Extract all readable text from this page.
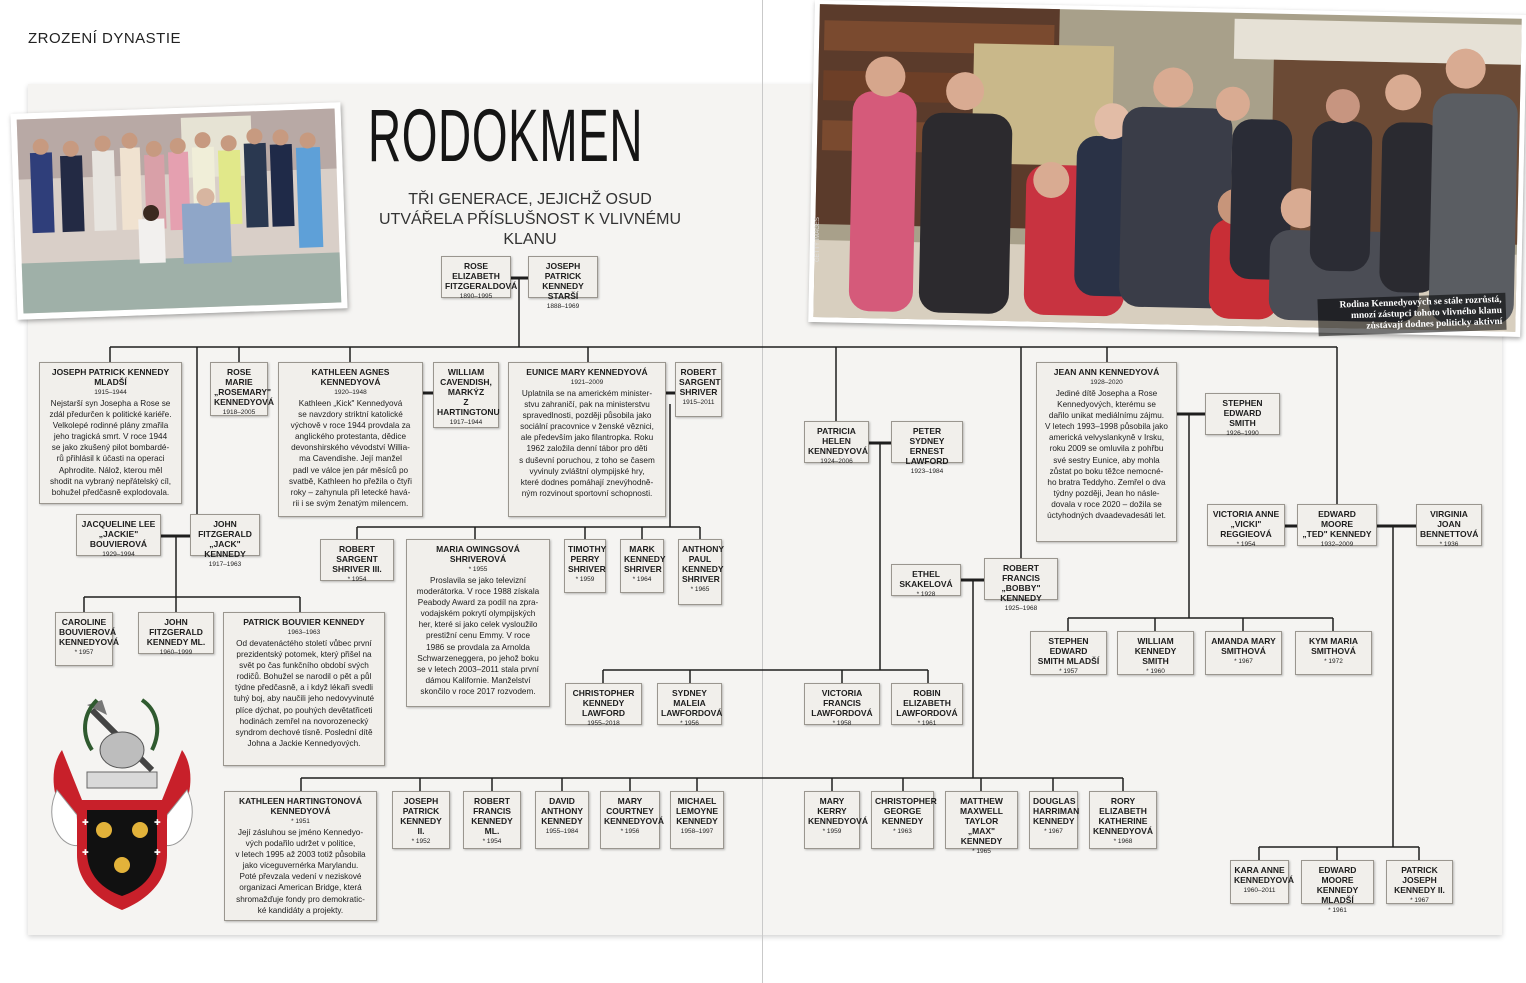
ZROZENÍ DYNASTIE
RODOKMEN
TŘI GENERACE, JEJICHŽ OSUD UTVÁŘELA PŘÍSLUŠNOST K VLIVNÉMU KLANU	GETTY IMAGES
Rodina Kennedyových se stále rozrůstá, mnozí zástupci tohoto vlivného klanu zůstávají dodnes politicky aktivní
✚	✚
✚	✚
ROSE ELIZABETH
FITZGERALDOVÁ
1890–1995
JOSEPH PATRICK
KENNEDY STARŠÍ
1888–1969
JOSEPH PATRICK KENNEDY MLADŠÍ
1915–1944
Nejstarší syn Josepha a Rose se
zdál předurčen k politické kariéře.
Velkolepé rodinné plány zmařila
jeho tragická smrt. V roce 1944
se jako zkušený pilot bombardé-
rů přihlásil k účasti na operaci
Aphrodite. Nálož, kterou měl
shodit na vybraný nepřátelský cíl,
bohužel předčasně explodovala.
ROSE MARIE
„ROSEMARY"
KENNEDYOVÁ
1918–2005
KATHLEEN AGNES KENNEDYOVÁ
1920–1948
Kathleen „Kick" Kennedyová
se navzdory striktní katolické
výchově v roce 1944 provdala za
anglického protestanta, dědice
devonshirského vévodství Willia-
ma Cavendishe. Její manžel
padl ve válce jen pár měsíců po
svatbě, Kathleen ho přežila o čtyři
roky – zahynula při letecké havá-
rii i se svým ženatým milencem.
WILLIAM
CAVENDISH,
MARKÝZ
Z HARTINGTONU
1917–1944
EUNICE MARY KENNEDYOVÁ
1921–2009
Uplatnila se na americkém minister-
stvu zahraničí, pak na ministerstvu
spravedlnosti, později působila jako
sociální pracovnice v ženské věznici,
ale především jako filantropka. Roku
1962 založila denní tábor pro děti
s duševní poruchou, z toho se časem
vyvinuly zvláštní olympijské hry,
které dodnes pomáhají znevýhodně-
ným rozvinout sportovní schopnosti.
ROBERT
SARGENT
SHRIVER
1915–2011
JACQUELINE LEE
„JACKIE" BOUVIEROVÁ
1929–1994
JOHN FITZGERALD
„JACK" KENNEDY
1917–1963
CAROLINE
BOUVIEROVÁ
KENNEDYOVÁ
* 1957
JOHN FITZGERALD
KENNEDY ML.
1960–1999
PATRICK BOUVIER KENNEDY
1963–1963
Od devatenáctého století vůbec první
prezidentský potomek, který přišel na
svět po čas funkčního období svých
rodičů. Bohužel se narodil o pět a půl
týdne předčasně, a i když lékaři svedli
tuhý boj, aby naučili jeho nedovyvinuté
plíce dýchat, po pouhých devětatřiceti
hodinách zemřel na novorozenecký
syndrom dechové tísně. Poslední dítě
Johna a Jackie Kennedyových.
ROBERT SARGENT
SHRIVER III.
* 1954
MARIA OWINGSOVÁ SHRIVEROVÁ
* 1955
Proslavila se jako televizní
moderátorka. V roce 1988 získala
Peabody Award za podíl na zpra-
vodajském pokrytí olympijských
her, které si jako celek vysloužilo
prestižní cenu Emmy. V roce
1986 se provdala za Arnolda
Schwarzeneggera, po jehož boku
se v letech 2003–2011 stala první
dámou Kalifornie. Manželství
skončilo v roce 2017 rozvodem.
TIMOTHY
PERRY
SHRIVER
* 1959
MARK
KENNEDY
SHRIVER
* 1964
ANTHONY
PAUL
KENNEDY
SHRIVER
* 1965
PATRICIA HELEN
KENNEDYOVÁ
1924–2006
PETER SYDNEY
ERNEST LAWFORD
1923–1984
CHRISTOPHER
KENNEDY LAWFORD
1955–2018
SYDNEY MALEIA
LAWFORDOVÁ
* 1956
VICTORIA FRANCIS
LAWFORDOVÁ
* 1958
ROBIN ELIZABETH
LAWFORDOVÁ
* 1961
ETHEL SKAKELOVÁ
* 1928
ROBERT FRANCIS
„BOBBY" KENNEDY
1925–1968
JEAN ANN KENNEDYOVÁ
1928–2020
Jediné dítě Josepha a Rose
Kennedyových, kterému se
dařilo unikat mediálnímu zájmu.
V letech 1993–1998 působila jako
americká velvyslankyně v Irsku,
roku 2009 se omluvila z pohřbu
své sestry Eunice, aby mohla
zůstat po boku těžce nemocné-
ho bratra Teddyho. Zemřel o dva
týdny později, Jean ho násle-
dovala v roce 2020 – dožila se
úctyhodných dvaadevadesáti let.
STEPHEN EDWARD
SMITH
1926–1990
VICTORIA ANNE
„VICKI" REGGIEOVÁ
* 1954
EDWARD MOORE
„TED" KENNEDY
1932–2009
VIRGINIA JOAN
BENNETTOVÁ
* 1936
STEPHEN EDWARD
SMITH MLADŠÍ
* 1957
WILLIAM KENNEDY
SMITH
* 1960
AMANDA MARY
SMITHOVÁ
* 1967
KYM MARIA
SMITHOVÁ
* 1972
KATHLEEN HARTINGTONOVÁ KENNEDYOVÁ
* 1951
Její zásluhou se jméno Kennedyo-
vých podařilo udržet v politice,
v letech 1995 až 2003 totiž působila
jako viceguvernérka Marylandu.
Poté převzala vedení v neziskové
organizaci American Bridge, která
shromažďuje fondy pro demokratic-
ké kandidáty a projekty.
JOSEPH
PATRICK
KENNEDY II.
* 1952
ROBERT
FRANCIS
KENNEDY ML.
* 1954
DAVID
ANTHONY
KENNEDY
1955–1984
MARY
COURTNEY
KENNEDYOVÁ
* 1956
MICHAEL
LEMOYNE
KENNEDY
1958–1997
MARY
KERRY
KENNEDYOVÁ
* 1959
CHRISTOPHER
GEORGE
KENNEDY
* 1963
MATTHEW
MAXWELL TAYLOR
„MAX" KENNEDY
* 1965
DOUGLAS
HARRIMAN
KENNEDY
* 1967
RORY ELIZABETH
KATHERINE
KENNEDYOVÁ
* 1968
KARA ANNE
KENNEDYOVÁ
1960–2011
EDWARD MOORE
KENNEDY MLADŠÍ
* 1961
PATRICK JOSEPH
KENNEDY II.
* 1967
